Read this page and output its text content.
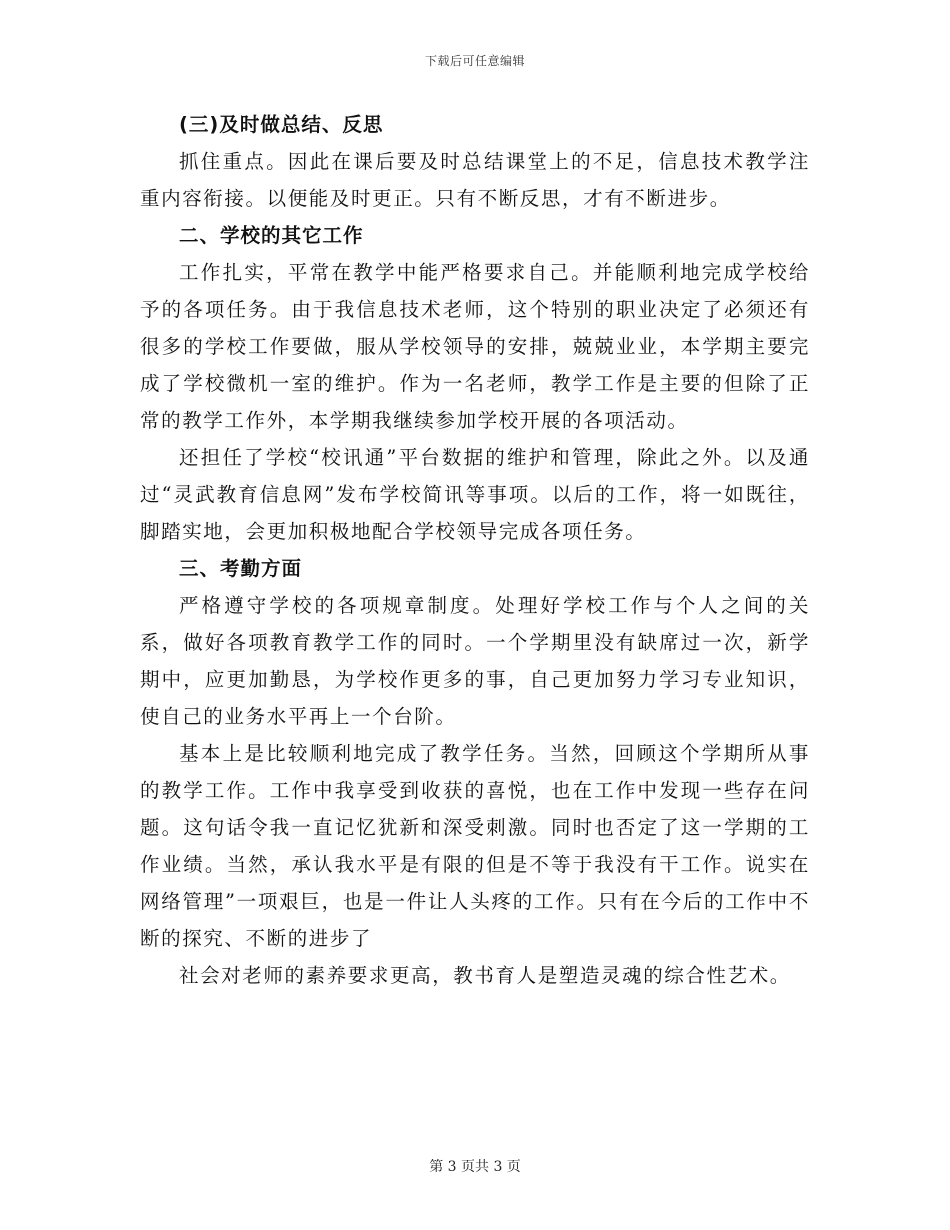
下载后可任意编辑

(三)及时做总结、反思

抓住重点。因此在课后要及时总结课堂上的不足，信息技术教学注重内容衔接。以便能及时更正。只有不断反思，才有不断进步。

二、学校的其它工作

工作扎实，平常在教学中能严格要求自己。并能顺利地完成学校给予的各项任务。由于我信息技术老师，这个特别的职业决定了必须还有很多的学校工作要做，服从学校领导的安排，兢兢业业，本学期主要完成了学校微机一室的维护。作为一名老师，教学工作是主要的但除了正常的教学工作外，本学期我继续参加学校开展的各项活动。

还担任了学校“校讯通”平台数据的维护和管理，除此之外。以及通过“灵武教育信息网”发布学校简讯等事项。以后的工作，将一如既往，脚踏实地，会更加积极地配合学校领导完成各项任务。

三、考勤方面

严格遵守学校的各项规章制度。处理好学校工作与个人之间的关系，做好各项教育教学工作的同时。一个学期里没有缺席过一次，新学期中，应更加勤恳，为学校作更多的事，自己更加努力学习专业知识，使自己的业务水平再上一个台阶。

基本上是比较顺利地完成了教学任务。当然，回顾这个学期所从事的教学工作。工作中我享受到收获的喜悦，也在工作中发现一些存在问题。这句话令我一直记忆犹新和深受刺激。同时也否定了这一学期的工作业绩。当然，承认我水平是有限的但是不等于我没有干工作。说实在网络管理”一项艰巨，也是一件让人头疼的工作。只有在今后的工作中不断的探究、不断的进步了

社会对老师的素养要求更高，教书育人是塑造灵魂的综合性艺术。

第 3 页共 3 页
